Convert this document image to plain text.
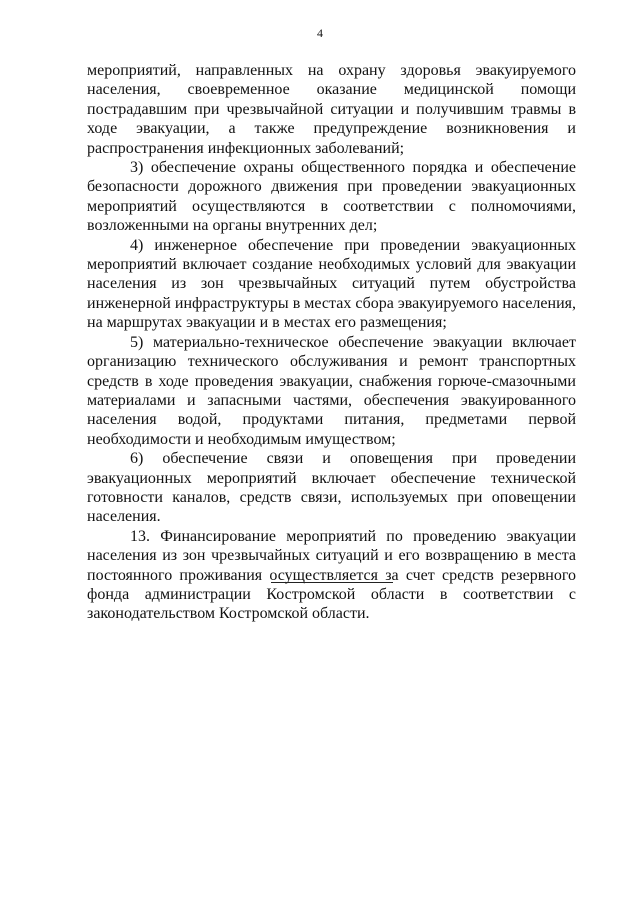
4

мероприятий, направленных на охрану здоровья эвакуируемого населения, своевременное оказание медицинской помощи пострадавшим при чрезвычайной ситуации и получившим травмы в ходе эвакуации, а также предупреждение возникновения и распространения инфекционных заболеваний;

3) обеспечение охраны общественного порядка и обеспечение безопасности дорожного движения при проведении эвакуационных мероприятий осуществляются в соответствии с полномочиями, возложенными на органы внутренних дел;

4) инженерное обеспечение при проведении эвакуационных мероприятий включает создание необходимых условий для эвакуации населения из зон чрезвычайных ситуаций путем обустройства инженерной инфраструктуры в местах сбора эвакуируемого населения, на маршрутах эвакуации и в местах его размещения;

5) материально-техническое обеспечение эвакуации включает организацию технического обслуживания и ремонт транспортных средств в ходе проведения эвакуации, снабжения горюче-смазочными материалами и запасными частями, обеспечения эвакуированного населения водой, продуктами питания, предметами первой необходимости и необходимым имуществом;

6) обеспечение связи и оповещения при проведении эвакуационных мероприятий включает обеспечение технической готовности каналов, средств связи, используемых при оповещении населения.

13. Финансирование мероприятий по проведению эвакуации населения из зон чрезвычайных ситуаций и его возвращению в места постоянного проживания осуществляется за счет средств резервного фонда администрации Костромской области в соответствии с законодательством Костромской области.
